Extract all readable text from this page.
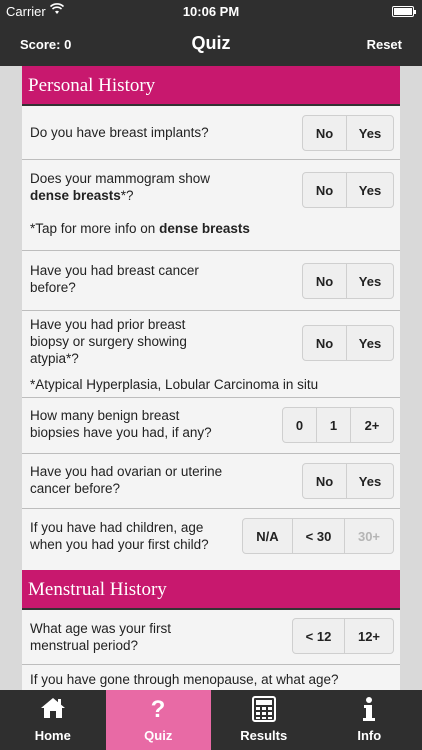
Carrier	10:06 PM
Score: 0	Quiz	Reset
Personal History
Do you have breast implants?	No	Yes
Does your mammogram show
dense breasts*?	No	Yes
*Tap for more info on dense breasts
Have you had breast cancer
before?	No	Yes
Have you had prior breast
biopsy or surgery showing
atypia*?
No	Yes
*Atypical Hyperplasia, Lobular Carcinoma in situ
How many benign breast
biopsies have you had, if any?	0	1	2+
Have you had ovarian or uterine
cancer before?	No	Yes
If you have had children, age
when you had your first child?
N/A	< 30	30+
Menstrual History
What age was your first
menstrual period?
< 12	12+
If you have gone through menopause, at what age?
Home
?
Quiz	Results	Info
